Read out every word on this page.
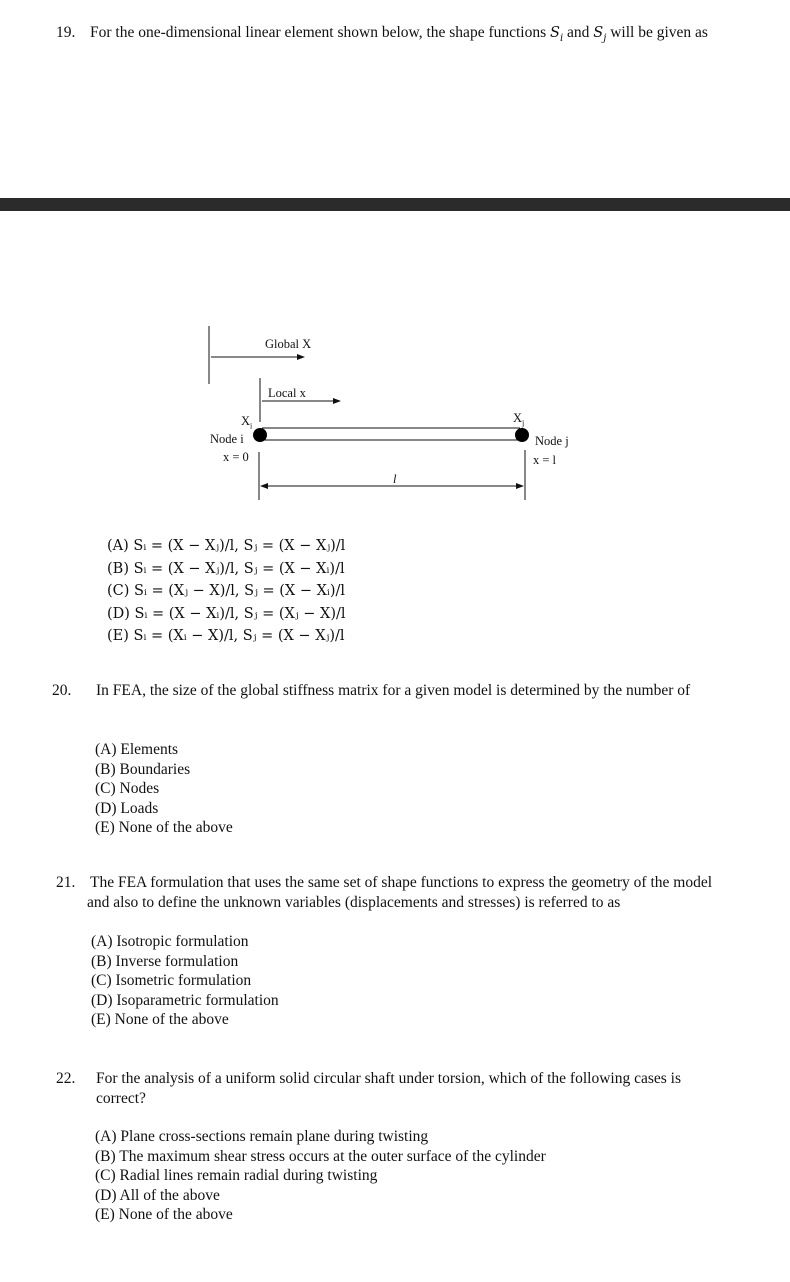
19. For the one-dimensional linear element shown below, the shape functions $S_i$ and $S_j$ will be given as
Global X
Local x
$X_i$
$X_j$
Node i	Node j
x = 0	x = l
l
(A) Sᵢ = (X − Xⱼ)/l, Sⱼ = (X − Xⱼ)/l
(B) Sᵢ = (X − Xⱼ)/l, Sⱼ = (X − Xᵢ)/l
(C) Sᵢ = (Xⱼ − X)/l, Sⱼ = (X − Xᵢ)/l
(D) Sᵢ = (X − Xᵢ)/l, Sⱼ = (Xⱼ − X)/l
(E) Sᵢ = (Xᵢ − X)/l, Sⱼ = (X − Xⱼ)/l
20. In FEA, the size of the global stiffness matrix for a given model is determined by the number of
(A) Elements
(B) Boundaries
(C) Nodes
(D) Loads
(E) None of the above
21. The FEA formulation that uses the same set of shape functions to express the geometry of the model and also to define the unknown variables (displacements and stresses) is referred to as
(A) Isotropic formulation
(B) Inverse formulation
(C) Isometric formulation
(D) Isoparametric formulation
(E) None of the above
22. For the analysis of a uniform solid circular shaft under torsion, which of the following cases is correct?
(A) Plane cross-sections remain plane during twisting
(B) The maximum shear stress occurs at the outer surface of the cylinder
(C) Radial lines remain radial during twisting
(D) All of the above
(E) None of the above
